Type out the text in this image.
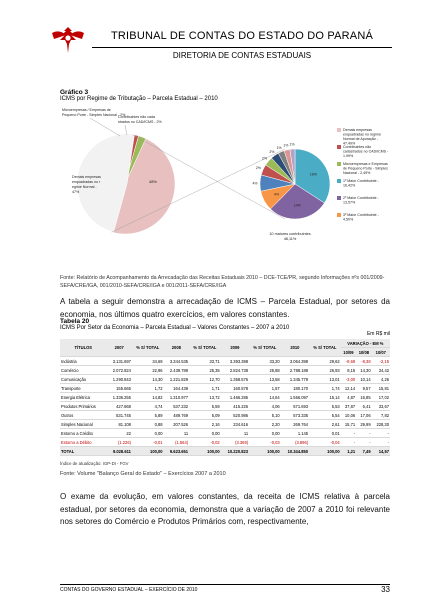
TRIBUNAL DE CONTAS DO ESTADO DO PARANÁ
DIRETORIA DE CONTAS ESTADUAIS
Gráfico 3
ICMS por Regime de Tributação – Parcela Estadual – 2010
16%
14%
4%
4%
2%
2%
2%
1%
1% 1%
48%
Microempresas / Empresas de
Pequeno Porte - Simples Nacional - 2%
Contribuintes não cada
strados no CAD/ICMS - 2%
Demais empresas
enquadradas no r
egime Normal -
47%
10 maiores contribuintes
48,11%
Demais empresas
enquadradas no regime
Normal de Apuração -
47,49%
Contribuintes não
cadastrados no CAD/ICMS -
1,99%
Microempresas e Empresas
de Pequeno Porte - Simples
Nacional - 2,49%
1º Maior Contribuinte -
16,42%
2º Maior Contribuinte -
13,57%
3º Maior Contribuinte -
4,50%
Fonte: Relatório de Acompanhamento da Arrecadação das Receitas Estaduais 2010 – DCE-TCE/PR, segundo Informações nºs 001/2009-SEFA/CRE/IGA, 001/2010-SEFA/CRE/IGA e 001/2011-SEFA/CRE/IGA
A tabela a seguir demonstra a arrecadação de ICMS – Parcela Estadual, por setores da economia, nos últimos quatro exercícios, em valores constantes.
Tabela 20
ICMS Por Setor da Economia – Parcela Estadual – Valores Constantes – 2007 a 2010
Em R$ mil
TÍTULOS	2007	% S/ TOTAL	2008	% S/ TOTAL	2009	% S/ TOTAL	2010	% S/ TOTAL	VARIAÇÃO - EM %		
									10/09	10/08	10/07
Indústria	3.131.697	34,69	3.344.535	33,71	3.393.398	33,20	3.064.398	29,62	-9,69	-8,38	-2,15
Comércio	2.072.824	22,96	2.439.789	25,35	2.824.738	25,88	2.788.188	26,93	8,15	14,30	34,42
Comunicação	1.290.843	14,30	1.221.829	12,70	1.358.576	13,58	1.345.779	13,01	-3,00	10,14	4,26
Transporte	155.665	1,72	164.439	1,71	160.578	1,57	180.170	1,74	12,14	9,57	15,81
Energia Elétrica	1.336.255	14,82	1.310.977	13,72	1.466.285	14,64	1.566.097	15,14	4,87	16,85	17,02
Produtos Primários	427.668	4,74	537.232	5,59	415.226	4,06	571.693	5,53	37,87	6,41	33,67
Outros	531.745	5,89	489.769	5,09	520.986	5,10	573.335	5,54	10,06	17,06	7,82
Simples Nacional	81.108	0,88	207.526	2,16	234.616	2,20	269.764	2,61	15,71	29,99	228,30
Estorno a Crédito	22	0,00	11	0,00	11	0,00	1.145	0,01	-	-	-
Estorno a Débito	(1.226)	-0,01	(1.564)	-0,02	(3.369)	-0,03	(3.896)	-0,04	-	-	-
TOTAL	9.028.611	100,00	9.623.651	100,00	10.220.823	100,00	10.344.850	100,00	1,21	7,49	14,57
Índice de atualização: IGP-DI - FGV
Fonte: Volume "Balanço Geral do Estado" – Exercícios 2007 a 2010
O exame da evolução, em valores constantes, da receita de ICMS relativa à parcela estadual, por setores da economia, demonstra que a variação de 2007 a 2010 foi relevante nos setores do Comércio e Produtos Primários com, respectivamente,
CONTAS DO GOVERNO ESTADUAL – EXERCÍCIO DE 2010	33
